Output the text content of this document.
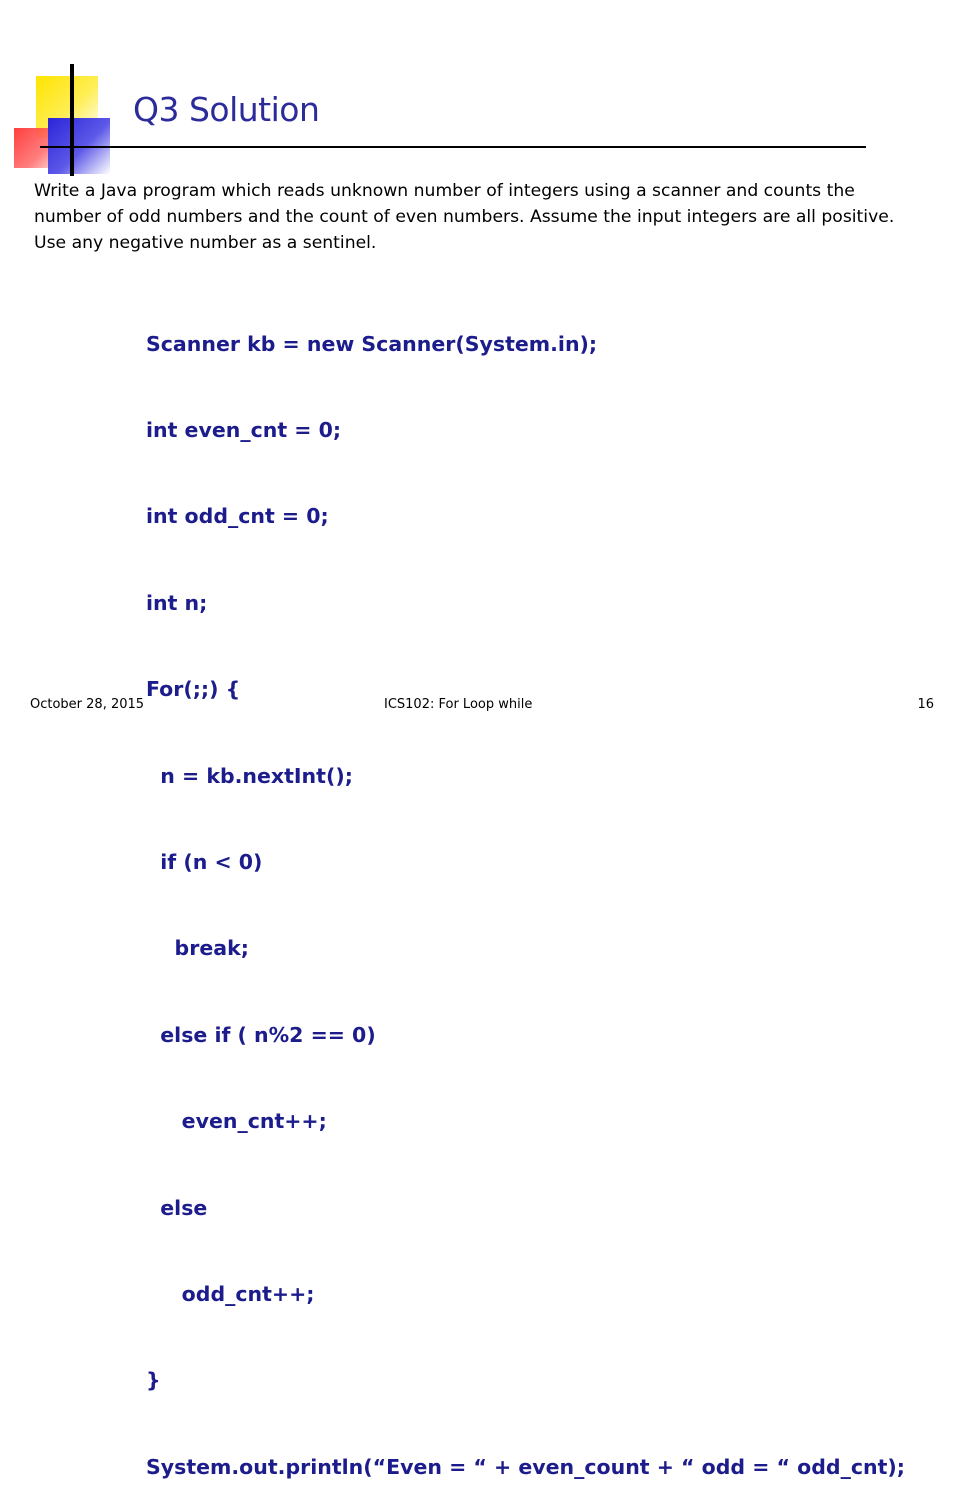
Q3 Solution

Write a Java program which reads unknown number of integers using a scanner and counts the number of odd numbers and the count of even numbers. Assume the input integers are all positive. Use any negative number as a sentinel.

Scanner kb = new Scanner(System.in);

int even_cnt = 0;

int odd_cnt = 0;

int n;

For(;;) {

n = kb.nextInt();

if (n < 0)

break;

else if ( n%2 == 0)

even_cnt++;

else

odd_cnt++;

}

System.out.println(“Even = “ + even_count + “ odd = “ odd_cnt);

October 28, 2015	ICS102: For Loop while	16
